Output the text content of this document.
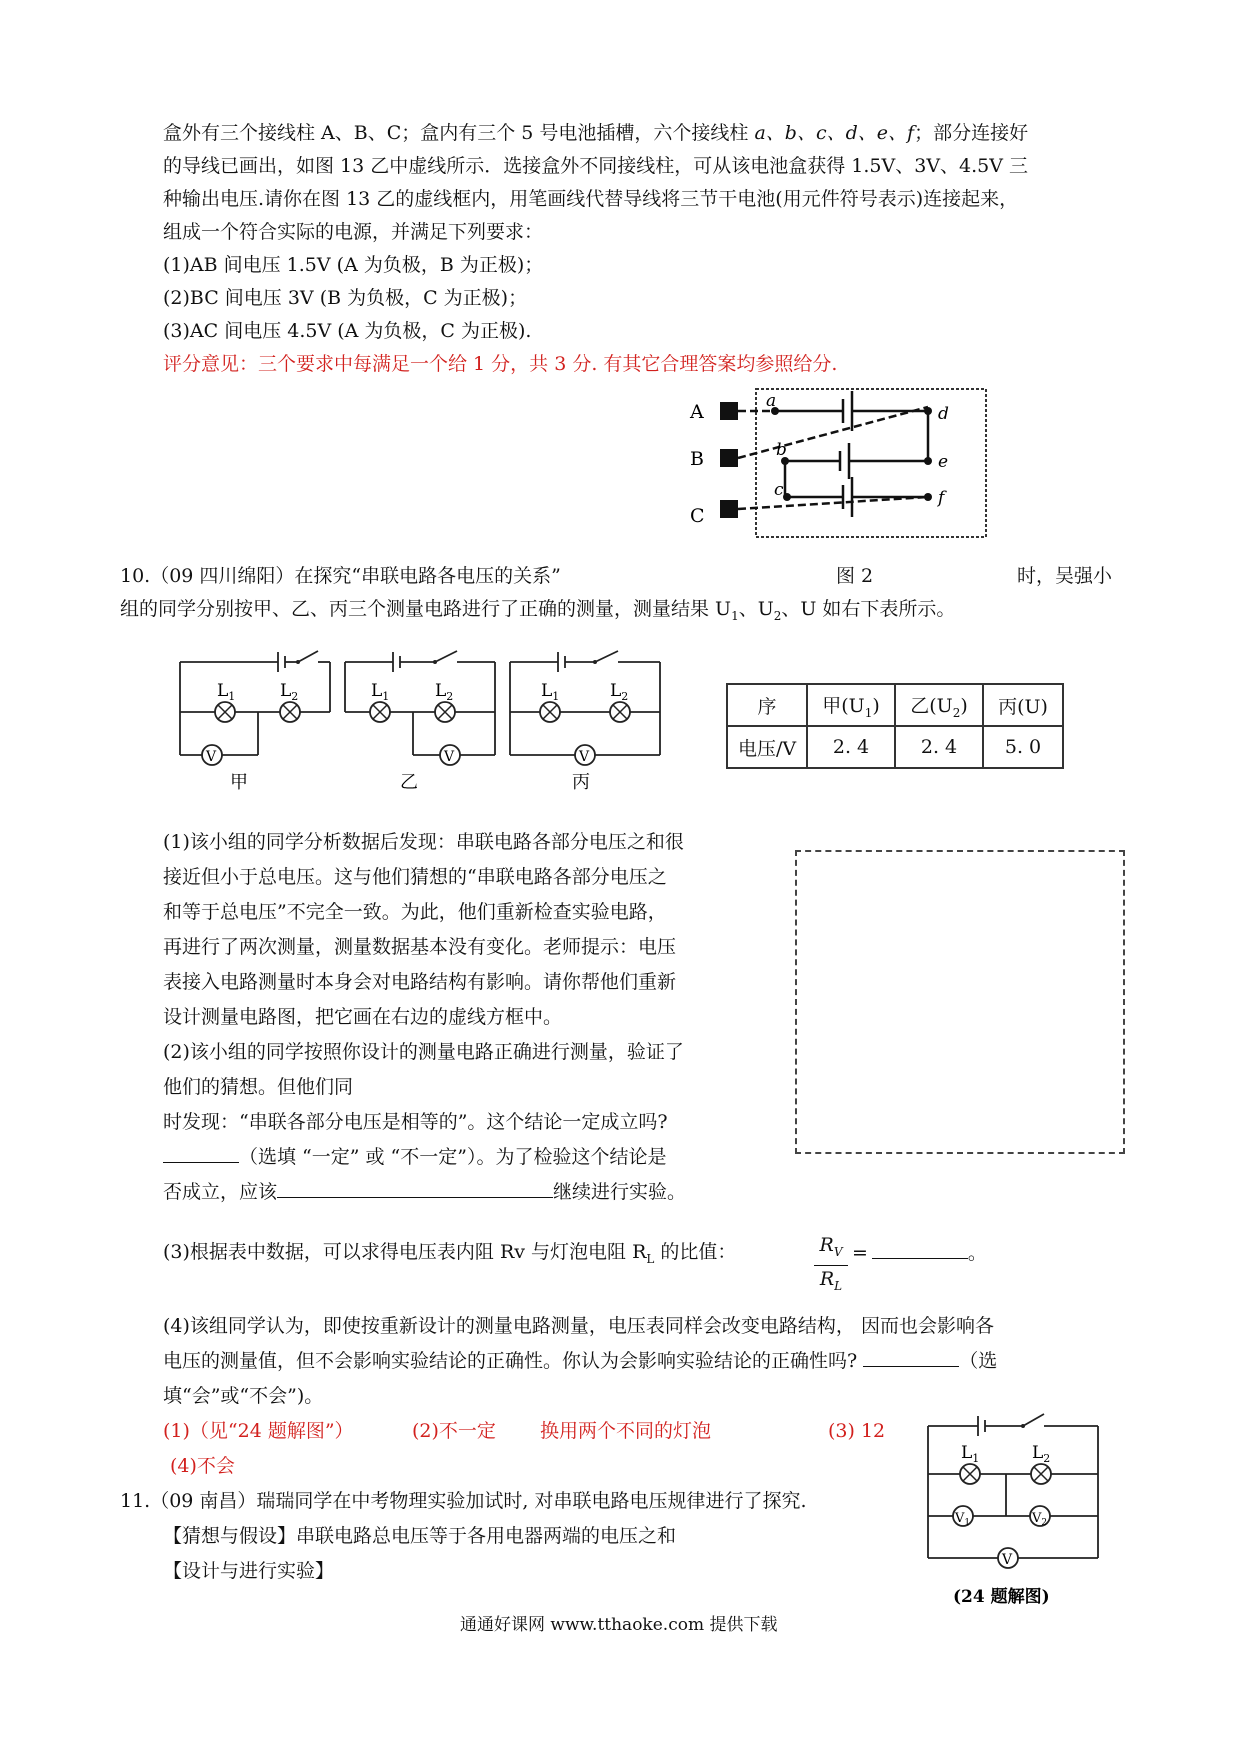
盒外有三个接线柱 A、B、C；盒内有三个 5 号电池插槽，六个接线柱 a、b、c、d、e、f；部分连接好
的导线已画出，如图 13 乙中虚线所示．选接盒外不同接线柱，可从该电池盒获得 1.5V、3V、4.5V 三
种输出电压.请你在图 13 乙的虚线框内，用笔画线代替导线将三节干电池(用元件符号表示)连接起来，
组成一个符合实际的电源，并满足下列要求：
(1)AB 间电压 1.5V (A 为负极，B 为正极)；
(2)BC 间电压 3V (B 为负极，C 为正极)；
(3)AC 间电压 4.5V (A 为负极，C 为正极).
评分意见：三个要求中每满足一个给 1 分，共 3 分. 有其它合理答案均参照给分.
A
B
C
a
b
c
d
e
f
10.（09 四川绵阳）在探究“串联电路各电压的关系”	图 2	时，吴强小
组的同学分别按甲、乙、丙三个测量电路进行了正确的测量，测量结果 $U_1$、$U_2$、U 如右下表所示。
$L_1$	$L_2$
V
甲
$L_1$	$L_2$
V
乙
$L_1$	$L_2$
V
丙
序	甲$(U_1)$	乙$(U_2)$	丙(U)
电压/V	2. 4	2. 4	5. 0
(1)该小组的同学分析数据后发现：串联电路各部分电压之和很
接近但小于总电压。这与他们猜想的“串联电路各部分电压之
和等于总电压”不完全一致。为此，他们重新检查实验电路，
再进行了两次测量，测量数据基本没有变化。老师提示：电压
表接入电路测量时本身会对电路结构有影响。请你帮他们重新
设计测量电路图，把它画在右边的虚线方框中。
(2)该小组的同学按照你设计的测量电路正确进行测量，验证了
他们的猜想。但他们同
时发现：“串联各部分电压是相等的”。这个结论一定成立吗?
（选填 “一定” 或 “不一定”）。为了检验这个结论是
否成立，应该	继续进行实验。
(3)根据表中数据，可以求得电压表内阻 Rv 与灯泡电阻 $R_L$ 的比值：	$\frac{R_V}{R_L}$ =	。
(4)该组同学认为，即使按重新设计的测量电路测量，电压表同样会改变电路结构， 因而也会影响各
电压的测量值，但不会影响实验结论的正确性。你认为会影响实验结论的正确性吗?	（选
填“会”或“不会”)。
(1)（见“24 题解图”）	(2)不一定 换用两个不同的灯泡	(3) 12
(4)不会
$L_1$	$L_2$
$V_1$	$V_2$
V
(24 题解图)
11.（09 南昌）瑞瑞同学在中考物理实验加试时, 对串联电路电压规律进行了探究.
【猜想与假设】串联电路总电压等于各用电器两端的电压之和
【设计与进行实验】
通通好课网 www.tthaoke.com 提供下载
